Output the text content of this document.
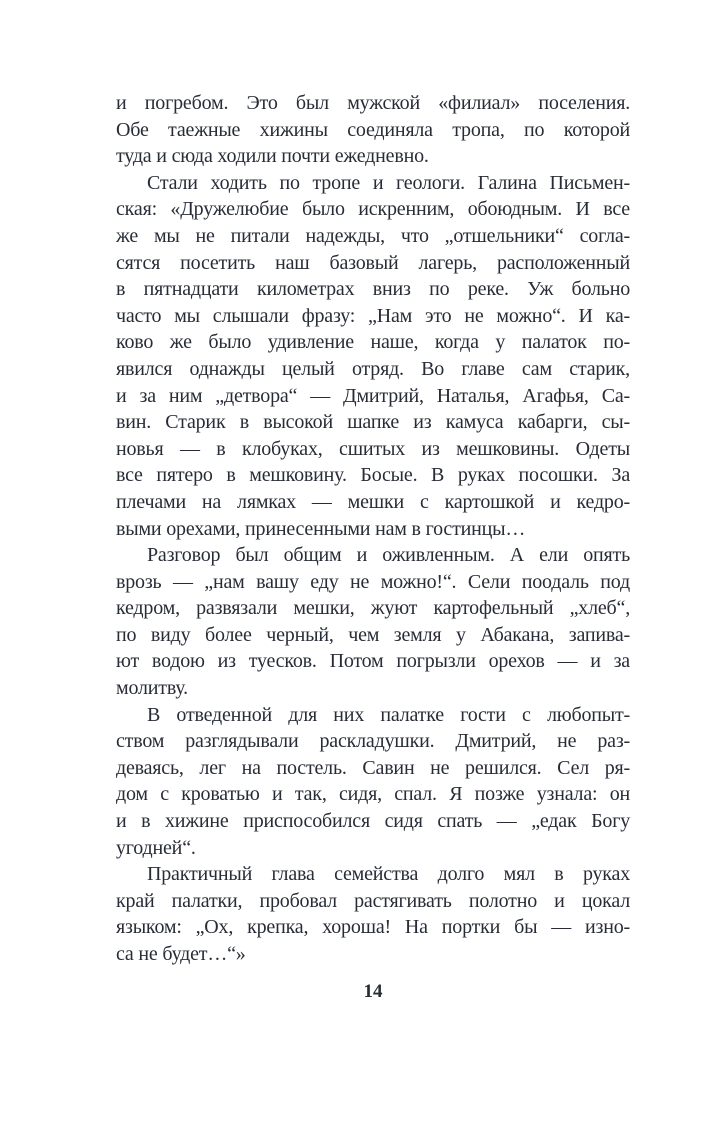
и погребом. Это был мужской «филиал» поселения.
Обе таежные хижины соединяла тропа, по которой
туда и сюда ходили почти ежедневно.
Стали ходить по тропе и геологи. Галина Письмен-
ская: «Дружелюбие было искренним, обоюдным. И все
же мы не питали надежды, что „отшельники“ согла-
сятся посетить наш базовый лагерь, расположенный
в пятнадцати километрах вниз по реке. Уж больно
часто мы слышали фразу: „Нам это не можно“. И ка-
ково же было удивление наше, когда у палаток по-
явился однажды целый отряд. Во главе сам старик,
и за ним „детвора“ — Дмитрий, Наталья, Агафья, Са-
вин. Старик в высокой шапке из камуса кабарги, сы-
новья — в клобуках, сшитых из мешковины. Одеты
все пятеро в мешковину. Босые. В руках посошки. За
плечами на лямках — мешки с картошкой и кедро-
выми орехами, принесенными нам в гостинцы…
Разговор был общим и оживленным. А ели опять
врозь — „нам вашу еду не можно!“. Сели поодаль под
кедром, развязали мешки, жуют картофельный „хлеб“,
по виду более черный, чем земля у Абакана, запива-
ют водою из туесков. Потом погрызли орехов — и за
молитву.
В отведенной для них палатке гости с любопыт-
ством разглядывали раскладушки. Дмитрий, не раз-
деваясь, лег на постель. Савин не решился. Сел ря-
дом с кроватью и так, сидя, спал. Я позже узнала: он
и в хижине приспособился сидя спать — „едак Богу
угодней“.
Практичный глава семейства долго мял в руках
край палатки, пробовал растягивать полотно и цокал
языком: „Ох, крепка, хороша! На портки бы — изно-
са не будет…“»
14
